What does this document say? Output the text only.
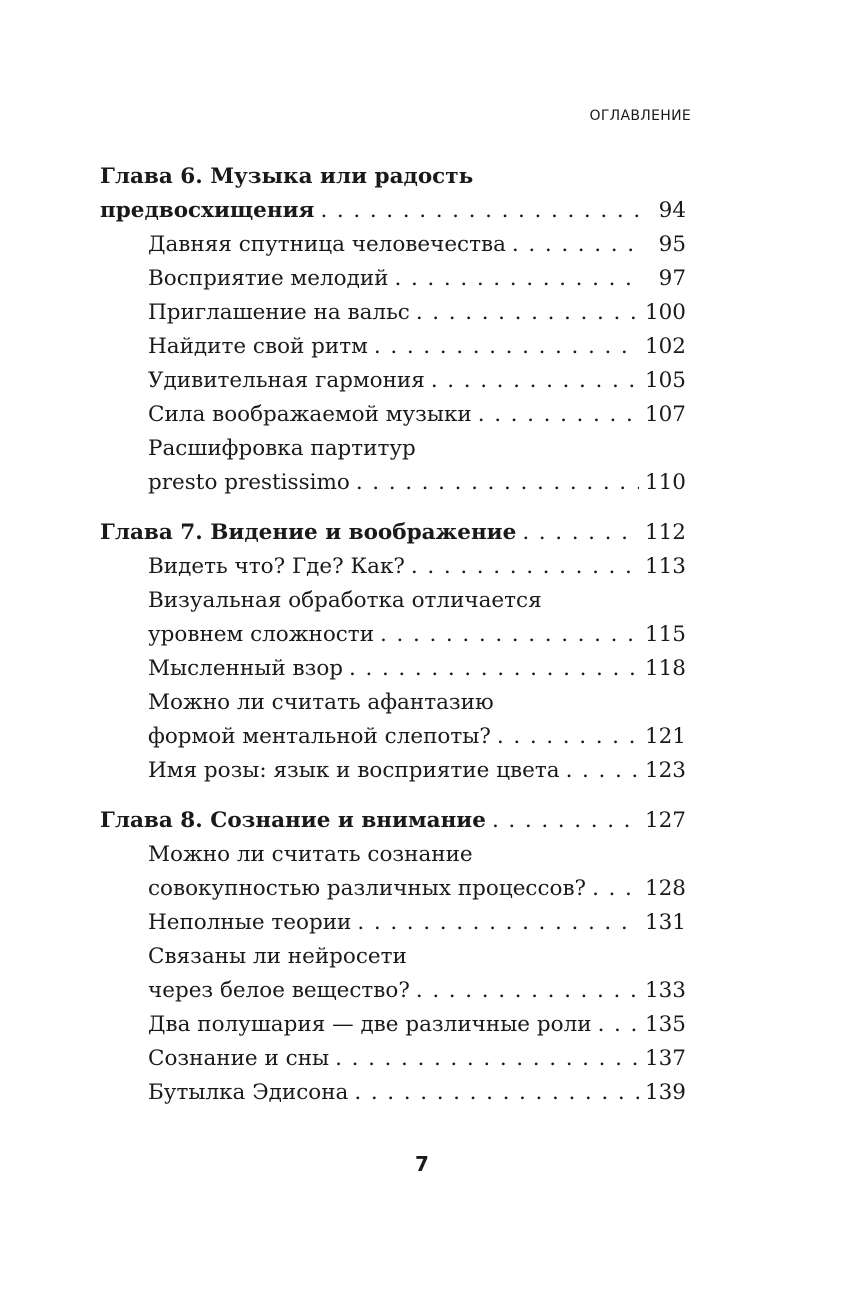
ОГЛАВЛЕНИЕ
Глава 6. Музыка или радость
предвосхищения . . .	94
Давняя спутница человечества . . .	95
Восприятие мелодий . . .	97
Приглашение на вальс . . .	100
Найдите свой ритм . . .	102
Удивительная гармония . . .	105
Сила воображаемой музыки . . .	107
Расшифровка партитур
presto prestissimo . . .	110
Глава 7. Видение и воображение . . .	112
Видеть что? Где? Как? . . .	113
Визуальная обработка отличается
уровнем сложности . . .	115
Мысленный взор . . .	118
Можно ли считать афантазию
формой ментальной слепоты? . . .	121
Имя розы: язык и восприятие цвета . . .	123
Глава 8. Сознание и внимание . . .	127
Можно ли считать сознание
совокупностью различных процессов? . . .	128
Неполные теории . . .	131
Связаны ли нейросети
через белое вещество? . . .	133
Два полушария — две различные роли . . . 135
Сознание и сны . . .	137
Бутылка Эдисона . . .	139
7
